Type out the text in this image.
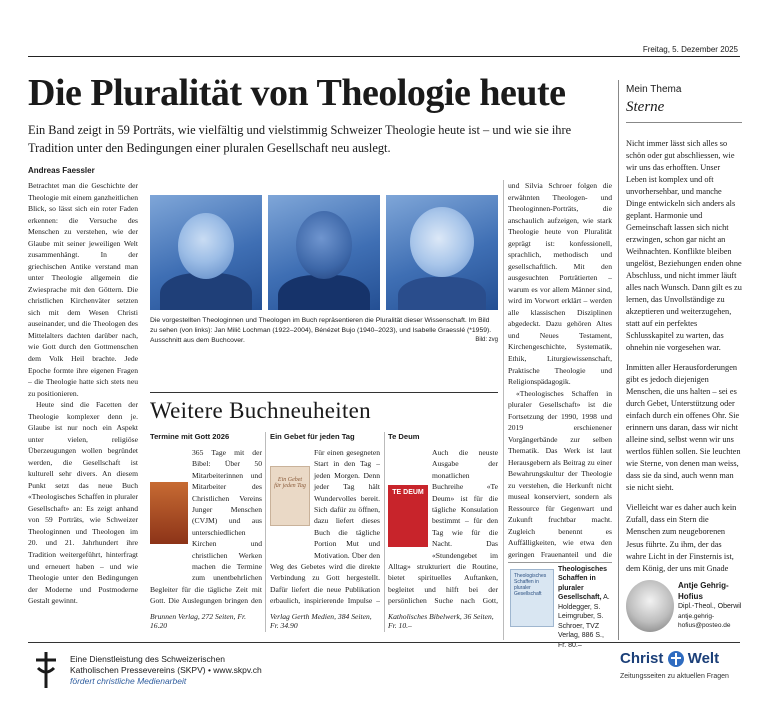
Freitag, 5. Dezember 2025
Die Pluralität von Theologie heute
Ein Band zeigt in 59 Porträts, wie vielfältig und vielstimmig Schweizer Theologie heute ist – und wie sie ihre Tradition unter den Bedingungen einer pluralen Gesellschaft neu auslegt.
Andreas Faessler

Betrachtet man die Geschichte der Theologie mit einem ganzheitlichen Blick, so lässt sich ein roter Faden erkennen: die Versuche des Menschen zu verstehen, wie der Glaube mit seiner jeweiligen Welt zusammenhängt. In der griechischen Antike verstand man unter Theologie allgemein die Zwiesprache mit den Göttern. Die christlichen Kirchenväter setzten sich mit dem Wesen Christi auseinander, und die Theologen des Mittelalters dachten darüber nach, wie Gott durch den Gottmenschen dem Volk Heil brachte. Jede Epoche formte ihre eigenen Fragen – die Theologie hatte sich stets neu zu positionieren.

Heute sind die Facetten der Theologie komplexer denn je. Glaube ist nur noch ein Aspekt unter vielen, religiöse Überzeugungen wollen begründet werden, die Gesellschaft ist kulturell sehr divers. An diesem Punkt setzt das neue Buch «Theologisches Schaffen in pluraler Gesellschaft» an: Es zeigt anhand von 59 Porträts, wie Schweizer Theologinnen und Theologen im 20. und 21. Jahrhundert ihre Tradition weitergeführt, hinterfragt und erneuert haben – und wie Theologie unter den Bedingungen der Moderne und Postmoderne Gestalt gewinnt.

Die vorgestellten Theologinnen und Theologen im Buch repräsentieren die Pluralität dieser Wissenschaft. Im Bild zu sehen (von links): Jan Milič Lochman (1922–2004), Bénézet Bujo (1940–2023), und Isabelle Graesslé (*1959). Ausschnitt aus dem Buchcover.	Bild: zvg

und Silvia Schroer folgen die erwähnten Theologen- und Theologinnen-Porträts, die anschaulich aufzeigen, wie stark Theologie heute von Pluralität geprägt ist: konfessionell, sprachlich, methodisch und gesellschaftlich. Mit den ausgesuchten Porträtierten – warum es vor allem Männer sind, wird im Vorwort erklärt – werden alle klassischen Disziplinen abgedeckt. Dazu gehören Altes und Neues Testament, Kirchengeschichte, Systematik, Ethik, Liturgiewissenschaft, Praktische Theologie und Religionspädagogik.

«Theologisches Schaffen in pluraler Gesellschaft» ist die Fortsetzung der 1990, 1998 und 2019 erschienener Vorgängerbände zur selben Thematik. Das Werk ist laut Herausgebern als Beitrag zu einer Bewahrungskultur der Theologie zu verstehen, die Herkunft nicht museal konserviert, sondern als Ressource für Gegenwart und Zukunft fruchtbar macht. Zugleich benennt es Auffälligkeiten, wie etwa den geringen Frauenanteil und die

Theologisches Schaffen in pluraler Gesellschaft
Theologisches Schaffen in pluraler Gesellschaft, A. Holdegger, S. Leimgruber, S. Schroer, TVZ Verlag, 886 S., Fr. 80.–
Weitere Buchneuheiten
Termine mit Gott 2026
365 Tage mit der Bibel: Über 50 Mitarbeiterinnen und Mitarbeiter des Christlichen Vereins Junger Menschen (CVJM) und aus unterschiedlichen Kirchen und christlichen Werken machen die Termine zum unentbehrlichen Begleiter für die tägliche Zeit mit Gott. Die Auslegungen bringen den
Brunnen Verlag, 272 Seiten, Fr. 16.20
Ein Gebet für jeden Tag
Ein Gebet für jeden Tag
Für einen gesegneten Start in den Tag – jeden Morgen. Denn jeder Tag hält Wundervolles bereit. Sich dafür zu öffnen, dazu liefert dieses Buch die tägliche Portion Mut und Motivation. Über den Weg des Gebetes wird die direkte Verbindung zu Gott hergestellt. Dafür liefert die neue Publikation erbaulich, inspirierende Impulse –
Verlag Gerth Medien, 384 Seiten, Fr. 34.90
Te Deum
TE DEUM
Auch die neuste Ausgabe der monatlichen Buchreihe «Te Deum» ist für die tägliche Konsulation bestimmt – für den Tag wie für die Nacht. Das «Stundengebet im Alltag» strukturiert die Routine, bietet spirituelles Auftanken, begleitet und hilft bei der persönlichen Suche nach Gott,
Katholisches Bibelwerk, 36 Seiten, Fr. 10.–
Mein Thema
Sterne

Nicht immer lässt sich alles so schön oder gut abschliessen, wie wir uns das erhofften. Unser Leben ist komplex und oft unvorhersehbar, und manche Dinge entwickeln sich anders als geplant. Harmonie und Gemeinschaft lassen sich nicht erzwingen, schon gar nicht an Weihnachten. Konflikte bleiben ungelöst, Beziehungen enden ohne Abschluss, und nicht immer läuft alles nach Wunsch. Dann gilt es zu lernen, das Unvollständige zu akzeptieren und weiterzugehen, statt auf ein perfektes Schlusskapitel zu warten, das ohnehin nie vorgesehen war.

Inmitten aller Herausforderungen gibt es jedoch diejenigen Menschen, die uns halten – sei es durch Gebet, Unterstützung oder einfach durch ein offenes Ohr. Sie erinnern uns daran, dass wir nicht alleine sind, selbst wenn wir uns wertlos fühlen sollen. Sie leuchten wie Sterne, von denen man weiss, dass sie da sind, auch wenn man sie nicht sieht.

Vielleicht war es daher auch kein Zufall, dass ein Stern die Menschen zum neugeborenen Jesus führte. Zu ihm, der das wahre Licht in der Finsternis ist, dem König, der uns mit Gnade

Antje Gehrig-Hofius
Dipl.-Theol., Oberwil
antje.gehrig-hofius@posteo.de
Eine Dienstleistung des Schweizerischen
Katholischen Pressevereins (SKPV) • www.skpv.ch
fördert christliche Medienarbeit
Christ Welt
Zeitungsseiten zu aktuellen Fragen
